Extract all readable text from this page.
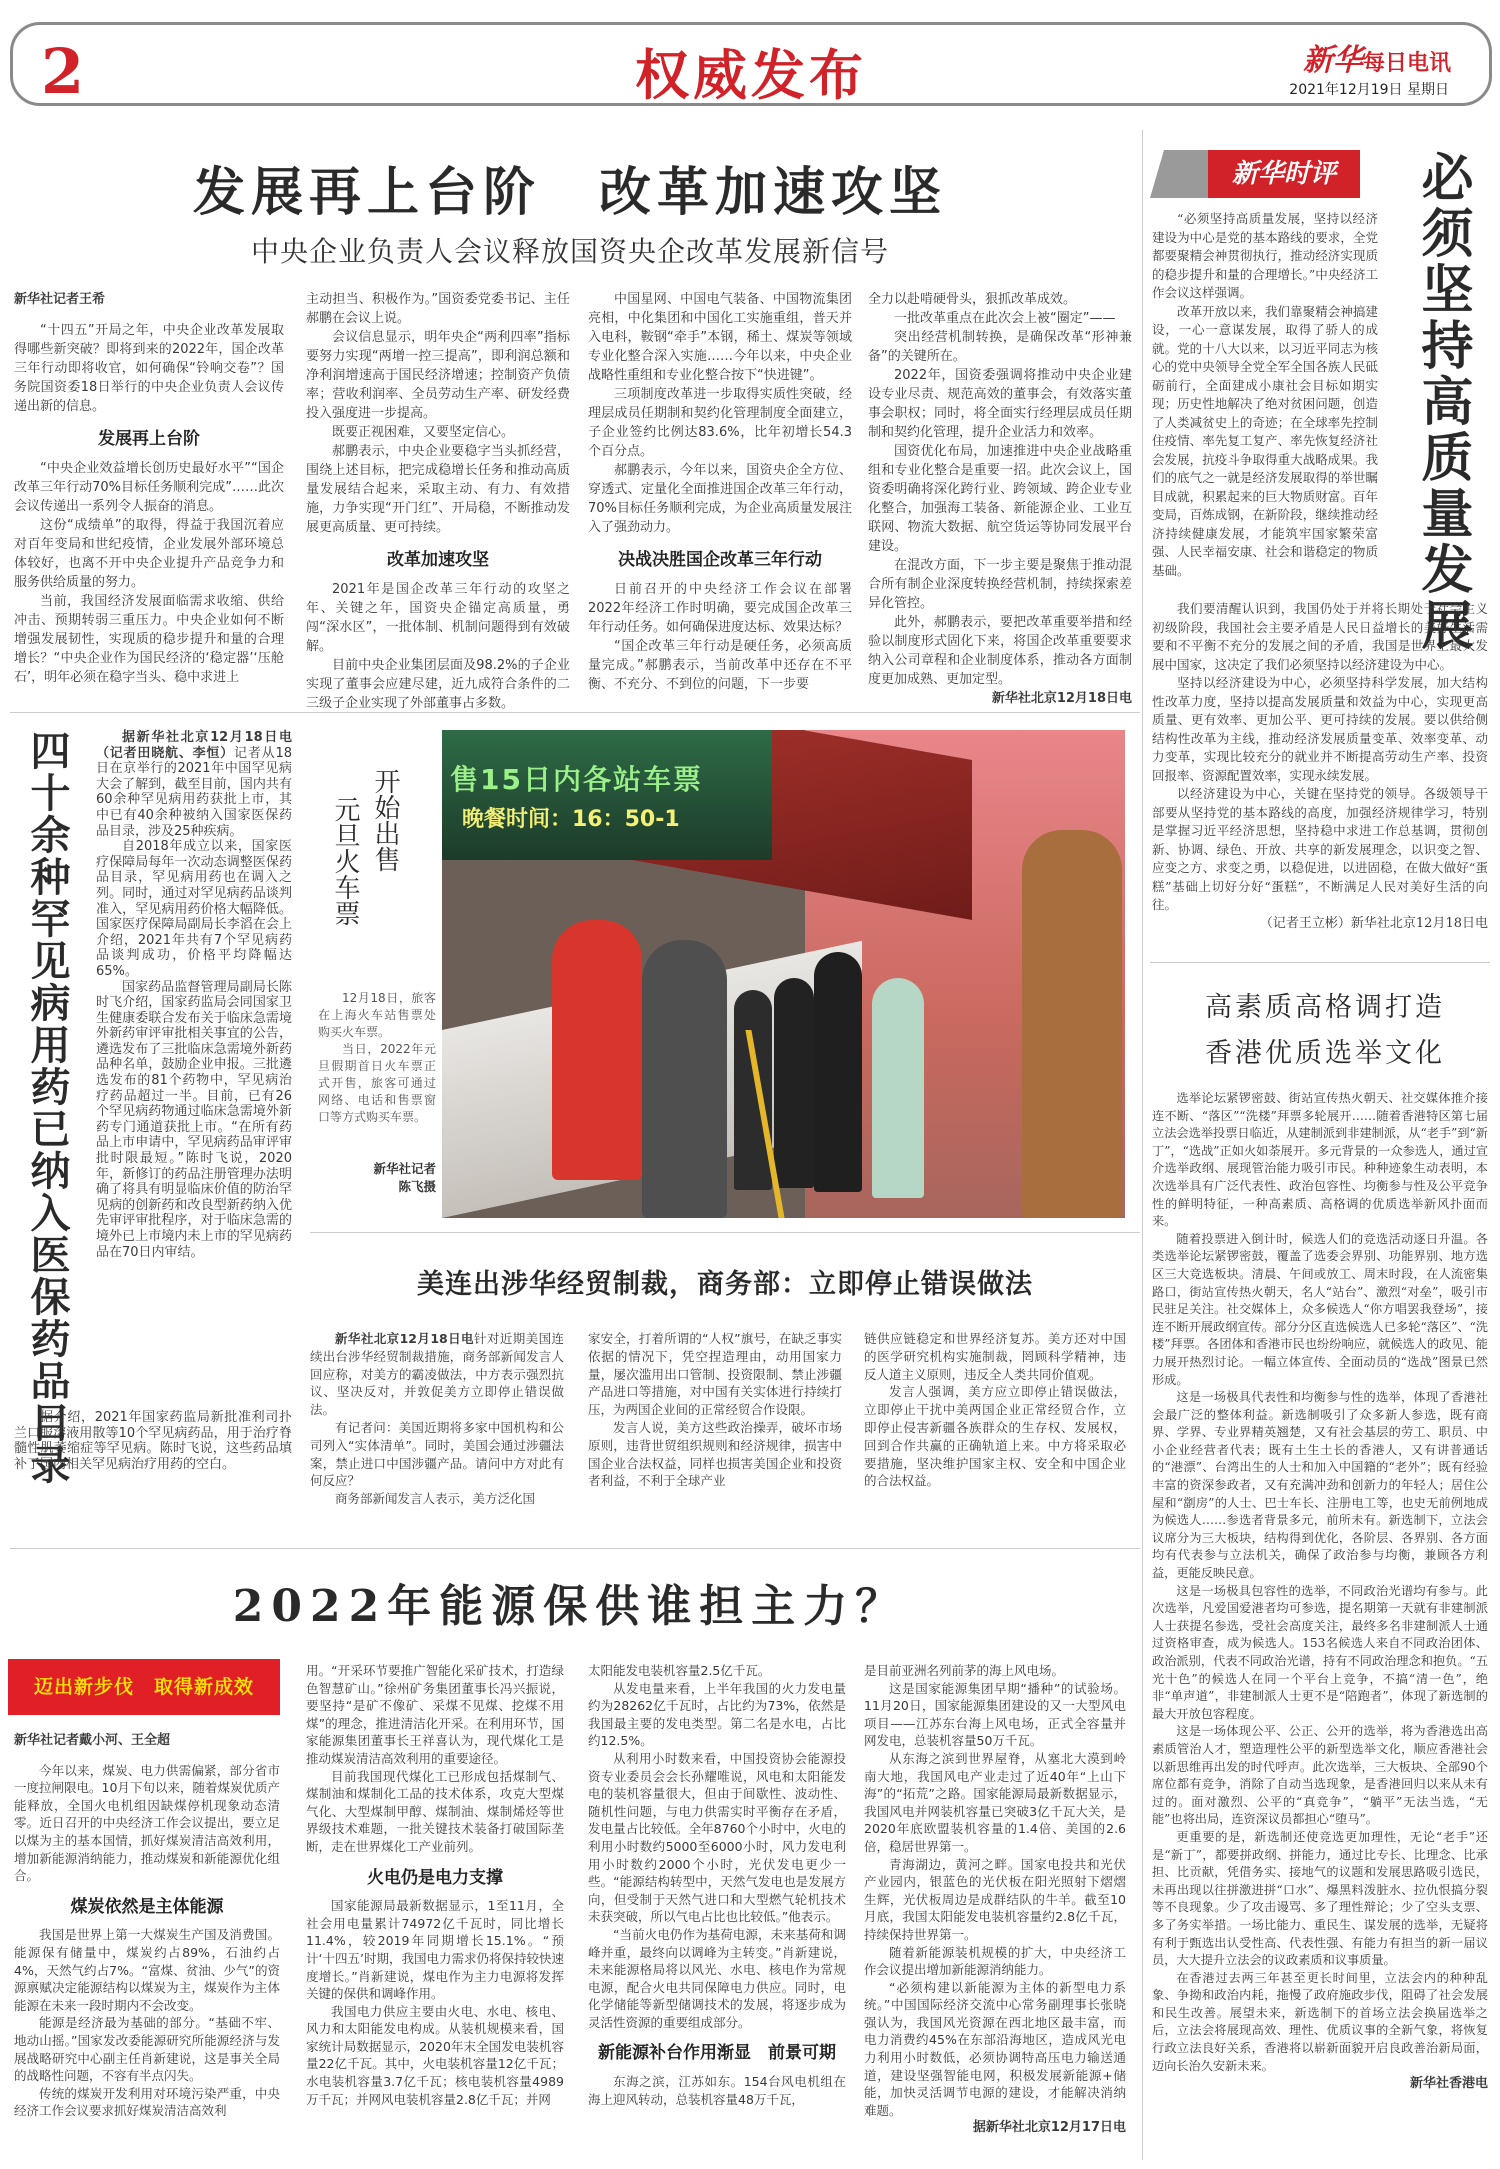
2	权威发布	新华每日电讯
2021年12月19日 星期日
发展再上台阶　改革加速攻坚
中央企业负责人会议释放国资央企改革发展新信号

新华社记者王希

“十四五”开局之年，中央企业改革发展取得哪些新突破？即将到来的2022年，国企改革三年行动即将收官，如何确保“铃响交卷”？国务院国资委18日举行的中央企业负责人会议传递出新的信息。

发展再上台阶

“中央企业效益增长创历史最好水平”“国企改革三年行动70%目标任务顺利完成”……此次会议传递出一系列令人振奋的消息。

这份“成绩单”的取得，得益于我国沉着应对百年变局和世纪疫情，企业发展外部环境总体较好，也离不开中央企业提升产品竞争力和服务供给质量的努力。

当前，我国经济发展面临需求收缩、供给冲击、预期转弱三重压力。中央企业如何不断增强发展韧性，实现质的稳步提升和量的合理增长？“中央企业作为国民经济的‘稳定器’‘压舱石’，明年必须在稳字当头、稳中求进上

主动担当、积极作为。”国资委党委书记、主任郝鹏在会议上说。

会议信息显示，明年央企“两利四率”指标要努力实现“两增一控三提高”，即利润总额和净利润增速高于国民经济增速；控制资产负债率；营收利润率、全员劳动生产率、研发经费投入强度进一步提高。

既要正视困难，又要坚定信心。

郝鹏表示，中央企业要稳字当头抓经营，围绕上述目标，把完成稳增长任务和推动高质量发展结合起来，采取主动、有力、有效措施，力争实现“开门红”、开局稳，不断推动发展更高质量、更可持续。

改革加速攻坚

2021年是国企改革三年行动的攻坚之年、关键之年，国资央企锚定高质量，勇闯“深水区”，一批体制、机制问题得到有效破解。

目前中央企业集团层面及98.2%的子企业实现了董事会应建尽建，近九成符合条件的二三级子企业实现了外部董事占多数。

中国星网、中国电气装备、中国物流集团亮相，中化集团和中国化工实施重组，普天并入电科，鞍钢“牵手”本钢，稀土、煤炭等领域专业化整合深入实施……今年以来，中央企业战略性重组和专业化整合按下“快进键”。

三项制度改革进一步取得实质性突破，经理层成员任期制和契约化管理制度全面建立，子企业签约比例达83.6%，比年初增长54.3个百分点。

郝鹏表示，今年以来，国资央企全方位、穿透式、定量化全面推进国企改革三年行动，70%目标任务顺利完成，为企业高质量发展注入了强劲动力。

决战决胜国企改革三年行动

日前召开的中央经济工作会议在部署2022年经济工作时明确，要完成国企改革三年行动任务。如何确保进度达标、效果达标？

“国企改革三年行动是硬任务，必须高质量完成。”郝鹏表示，当前改革中还存在不平衡、不充分、不到位的问题，下一步要

全力以赴啃硬骨头，狠抓改革成效。

一批改革重点在此次会上被“圈定”——

突出经营机制转换，是确保改革“形神兼备”的关键所在。

2022年，国资委强调将推动中央企业建设专业尽责、规范高效的董事会，有效落实董事会职权；同时，将全面实行经理层成员任期制和契约化管理，提升企业活力和效率。

国资优化布局，加速推进中央企业战略重组和专业化整合是重要一招。此次会议上，国资委明确将深化跨行业、跨领域、跨企业专业化整合，加强海工装备、新能源企业、工业互联网、物流大数据、航空货运等协同发展平台建设。

在混改方面，下一步主要是聚焦于推动混合所有制企业深度转换经营机制，持续探索差异化管控。

此外，郝鹏表示，要把改革重要举措和经验以制度形式固化下来，将国企改革重要要求纳入公司章程和企业制度体系，推动各方面制度更加成熟、更加定型。

新华社北京12月18日电
新华时评	必须坚持高质量发展

“必须坚持高质量发展，坚持以经济建设为中心是党的基本路线的要求，全党都要聚精会神贯彻执行，推动经济实现质的稳步提升和量的合理增长。”中央经济工作会议这样强调。

改革开放以来，我们靠聚精会神搞建设，一心一意谋发展，取得了骄人的成就。党的十八大以来，以习近平同志为核心的党中央领导全党全军全国各族人民砥砺前行，全面建成小康社会目标如期实现；历史性地解决了绝对贫困问题，创造了人类减贫史上的奇迹；在全球率先控制住疫情、率先复工复产、率先恢复经济社会发展，抗疫斗争取得重大战略成果。我们的底气之一就是经济发展取得的举世瞩目成就，积累起来的巨大物质财富。百年变局，百炼成钢，在新阶段，继续推动经济持续健康发展，才能筑牢国家繁荣富强、人民幸福安康、社会和谐稳定的物质基础。

我们要清醒认识到，我国仍处于并将长期处于社会主义初级阶段，我国社会主要矛盾是人民日益增长的美好生活需要和不平衡不充分的发展之间的矛盾，我国是世界上最大发展中国家，这决定了我们必须坚持以经济建设为中心。

坚持以经济建设为中心，必须坚持科学发展，加大结构性改革力度，坚持以提高发展质量和效益为中心，实现更高质量、更有效率、更加公平、更可持续的发展。要以供给侧结构性改革为主线，推动经济发展质量变革、效率变革、动力变革，实现比较充分的就业并不断提高劳动生产率、投资回报率、资源配置效率，实现永续发展。

以经济建设为中心，关键在坚持党的领导。各级领导干部要从坚持党的基本路线的高度，加强经济规律学习，特别是掌握习近平经济思想，坚持稳中求进工作总基调，贯彻创新、协调、绿色、开放、共享的新发展理念，以识变之智、应变之方、求变之勇，以稳促进，以进固稳，在做大做好“蛋糕”基础上切好分好“蛋糕”，不断满足人民对美好生活的向往。

（记者王立彬）新华社北京12月18日电
高素质高格调打造
香港优质选举文化

选举论坛紧锣密鼓、街站宣传热火朝天、社交媒体推介接连不断、“落区”“洗楼”拜票多轮展开……随着香港特区第七届立法会选举投票日临近，从建制派到非建制派，从“老手”到“新丁”，“选战”正如火如荼展开。多元背景的一众参选人，通过宣介选举政纲、展现管治能力吸引市民。种种迹象生动表明，本次选举具有广泛代表性、政治包容性、均衡参与性及公平竞争性的鲜明特征，一种高素质、高格调的优质选举新风扑面而来。

随着投票进入倒计时，候选人们的竞选活动逐日升温。各类选举论坛紧锣密鼓，覆盖了选委会界别、功能界别、地方选区三大竞选板块。清晨、午间或放工、周末时段，在人流密集路口，街站宣传热火朝天，名人“站台”、激烈“对垒”，吸引市民驻足关注。社交媒体上，众多候选人“你方唱罢我登场”，接连不断开展政纲宣传。部分分区直选候选人已多轮“落区”、“洗楼”拜票。各团体和香港市民也纷纷响应，就候选人的政见、能力展开热烈讨论。一幅立体宣传、全面动员的“选战”图景已然形成。

这是一场极具代表性和均衡参与性的选举，体现了香港社会最广泛的整体利益。新选制吸引了众多新人参选，既有商界、学界、专业界精英翘楚，又有社会基层的劳工、职员、中小企业经营者代表；既有土生土长的香港人，又有讲普通话的“港漂”、台湾出生的人士和加入中国籍的“老外”；既有经验丰富的资深参政者，又有充满冲劲和创新力的年轻人；居住公屋和“劏房”的人士、巴士车长、注册电工等，也史无前例地成为候选人……参选者背景多元，前所未有。新选制下，立法会议席分为三大板块，结构得到优化，各阶层、各界别、各方面均有代表参与立法机关，确保了政治参与均衡，兼顾各方利益，更能反映民意。

这是一场极具包容性的选举，不同政治光谱均有参与。此次选举，凡爱国爱港者均可参选，提名期第一天就有非建制派人士获提名参选，受社会高度关注，最终多名非建制派人士通过资格审查，成为候选人。153名候选人来自不同政治团体、政治派别，代表不同政治光谱，持有不同政治理念和抱负。“五光十色”的候选人在同一个平台上竞争，不搞“清一色”，绝非“单声道”，非建制派人士更不是“陪跑者”，体现了新选制的最大开放包容程度。

这是一场体现公平、公正、公开的选举，将为香港选出高素质管治人才，塑造理性公平的新型选举文化，顺应香港社会以新思维再出发的时代呼声。此次选举，三大板块、全部90个席位都有竞争，消除了自动当选现象，是香港回归以来从未有过的。面对激烈、公平的“真竞争”，“躺平”无法当选，“无能”也将出局，连资深议员都担心“堕马”。

更重要的是，新选制还使竞选更加理性，无论“老手”还是“新丁”，都要拼政纲、拼能力，通过比专长、比理念、比承担、比贡献，凭借务实、接地气的议题和发展思路吸引选民，未再出现以往拼激进拼“口水”、爆黑料泼脏水、拉仇恨搞分裂等不良现象。少了攻击谩骂、多了理性辩论；少了空头支票、多了务实举措。一场比能力、重民生、谋发展的选举，无疑将有利于甄选出认受性高、代表性强、有能力有担当的新一届议员，大大提升立法会的议政素质和议事质量。

在香港过去两三年甚至更长时间里，立法会内的种种乱象、争拗和政治内耗，拖慢了政府施政步伐，阻碍了社会发展和民生改善。展望未来，新选制下的首场立法会换届选举之后，立法会将展现高效、理性、优质议事的全新气象，将恢复行政立法良好关系，香港将以崭新面貌开启良政善治新局面，迈向长治久安新未来。

新华社香港电
四十余种罕见病用药已纳入医保药品目录	据新华社北京12月18日电（记者田晓航、李恒）记者从18日在京举行的2021年中国罕见病大会了解到，截至目前，国内共有60余种罕见病用药获批上市，其中已有40余种被纳入国家医保药品目录，涉及25种疾病。

自2018年成立以来，国家医疗保障局每年一次动态调整医保药品目录，罕见病用药也在调入之列。同时，通过对罕见病药品谈判准入，罕见病用药价格大幅降低。国家医疗保障局副局长李滔在会上介绍，2021年共有7个罕见病药品谈判成功，价格平均降幅达65%。

国家药品监督管理局副局长陈时飞介绍，国家药监局会同国家卫生健康委联合发布关于临床急需境外新药审评审批相关事宜的公告，遴选发布了三批临床急需境外新药品种名单，鼓励企业申报。三批遴选发布的81个药物中，罕见病治疗药品超过一半。目前，已有26个罕见病药物通过临床急需境外新药专门通道获批上市。“在所有药品上市申请中，罕见病药品审评审批时限最短。”陈时飞说，2020年，新修订的药品注册管理办法明确了将具有明显临床价值的防治罕见病的创新药和改良型新药纳入优先审评审批程序，对于临床急需的境外已上市境内未上市的罕见病药品在70日内审结。

据介绍，2021年国家药监局新批准利司扑兰口服溶液用散等10个罕见病药品，用于治疗脊髓性肌萎缩症等罕见病。陈时飞说，这些药品填补了国内相关罕见病治疗用药的空白。

开始出售
元旦火车票

12月18日，旅客在上海火车站售票处购买火车票。

当日，2022年元旦假期首日火车票正式开售，旅客可通过网络、电话和售票窗口等方式购买车票。

新华社记者
陈飞摄
售15日内各站车票
晚餐时间：16：50-1
美连出涉华经贸制裁，商务部：立即停止错误做法

新华社北京12月18日电针对近期美国连续出台涉华经贸制裁措施，商务部新闻发言人回应称，对美方的霸凌做法，中方表示强烈抗议、坚决反对，并敦促美方立即停止错误做法。

有记者问：美国近期将多家中国机构和公司列入“实体清单”。同时，美国会通过涉疆法案，禁止进口中国涉疆产品。请问中方对此有何反应？

商务部新闻发言人表示，美方泛化国

家安全，打着所谓的“人权”旗号，在缺乏事实依据的情况下，凭空捏造理由，动用国家力量，屡次滥用出口管制、投资限制、禁止涉疆产品进口等措施，对中国有关实体进行持续打压，为两国企业间的正常经贸合作设限。

发言人说，美方这些政治操弄，破坏市场原则，违背世贸组织规则和经济规律，损害中国企业合法权益，同样也损害美国企业和投资者利益，不利于全球产业

链供应链稳定和世界经济复苏。美方还对中国的医学研究机构实施制裁，罔顾科学精神，违反人道主义原则，违反全人类共同价值观。

发言人强调，美方应立即停止错误做法，立即停止干扰中美两国企业正常经贸合作，立即停止侵害新疆各族群众的生存权、发展权，回到合作共赢的正确轨道上来。中方将采取必要措施，坚决维护国家主权、安全和中国企业的合法权益。

2022年能源保供谁担主力？
迈出新步伐　取得新成效

新华社记者戴小河、王全超

今年以来，煤炭、电力供需偏紧，部分省市一度拉闸限电。10月下旬以来，随着煤炭优质产能释放，全国火电机组因缺煤停机现象动态清零。近日召开的中央经济工作会议提出，要立足以煤为主的基本国情，抓好煤炭清洁高效利用，增加新能源消纳能力，推动煤炭和新能源优化组合。

煤炭依然是主体能源

我国是世界上第一大煤炭生产国及消费国。能源保有储量中，煤炭约占89%，石油约占4%，天然气约占7%。“富煤、贫油、少气”的资源禀赋决定能源结构以煤炭为主，煤炭作为主体能源在未来一段时期内不会改变。

能源是经济最为基础的部分。“基础不牢、地动山摇。”国家发改委能源研究所能源经济与发展战略研究中心副主任肖新建说，这是事关全局的战略性问题，不容有半点闪失。

传统的煤炭开发利用对环境污染严重，中央经济工作会议要求抓好煤炭清洁高效利

用。“开采环节要推广智能化采矿技术，打造绿色智慧矿山。”徐州矿务集团董事长冯兴振说，要坚持“是矿不像矿、采煤不见煤、挖煤不用煤”的理念，推进清洁化开采。在利用环节，国家能源集团董事长王祥喜认为，现代煤化工是推动煤炭清洁高效利用的重要途径。

目前我国现代煤化工已形成包括煤制气、煤制油和煤制化工品的技术体系，攻克大型煤气化、大型煤制甲醇、煤制油、煤制烯烃等世界级技术难题，一批关键技术装备打破国际垄断，走在世界煤化工产业前列。

火电仍是电力支撑

国家能源局最新数据显示，1至11月，全社会用电量累计74972亿千瓦时，同比增长11.4%，较2019年同期增长15.1%。“预计‘十四五’时期，我国电力需求仍将保持较快速度增长。”肖新建说，煤电作为主力电源将发挥关键的保供和调峰作用。

我国电力供应主要由火电、水电、核电、风力和太阳能发电构成。从装机规模来看，国家统计局数据显示，2020年末全国发电装机容量22亿千瓦。其中，火电装机容量12亿千瓦；水电装机容量3.7亿千瓦；核电装机容量4989万千瓦；并网风电装机容量2.8亿千瓦；并网

太阳能发电装机容量2.5亿千瓦。

从发电量来看，上半年我国的火力发电量约为28262亿千瓦时，占比约为73%，依然是我国最主要的发电类型。第二名是水电，占比约12.5%。

从利用小时数来看，中国投资协会能源投资专业委员会会长孙耀唯说，风电和太阳能发电的装机容量很大，但由于间歇性、波动性、随机性问题，与电力供需实时平衡存在矛盾，发电量占比较低。全年8760个小时中，火电的利用小时数约5000至6000小时，风力发电利用小时数约2000个小时，光伏发电更少一些。“能源结构转型中，天然气发电也是发展方向，但受制于天然气进口和大型燃气轮机技术未获突破，所以气电占比也比较低。”他表示。

“当前火电仍作为基荷电源，未来基荷和调峰并重，最终向以调峰为主转变。”肖新建说，未来能源格局将以风光、水电、核电作为常规电源，配合火电共同保障电力供应。同时，电化学储能等新型储调技术的发展，将逐步成为灵活性资源的重要组成部分。

新能源补台作用渐显　前景可期

东海之滨，江苏如东。154台风电机组在海上迎风转动，总装机容量48万千瓦，

是目前亚洲名列前茅的海上风电场。

这是国家能源集团早期“播种”的试验场。11月20日，国家能源集团建设的又一大型风电项目——江苏东台海上风电场，正式全容量并网发电，总装机容量50万千瓦。

从东海之滨到世界屋脊，从塞北大漠到岭南大地，我国风电产业走过了近40年“上山下海”的“拓荒”之路。国家能源局最新数据显示，我国风电并网装机容量已突破3亿千瓦大关，是2020年底欧盟装机容量的1.4倍、美国的2.6倍，稳居世界第一。

青海湖边，黄河之畔。国家电投共和光伏产业园内，银蓝色的光伏板在阳光照射下熠熠生辉，光伏板周边是成群结队的牛羊。截至10月底，我国太阳能发电装机容量约2.8亿千瓦，持续保持世界第一。

随着新能源装机规模的扩大，中央经济工作会议提出增加新能源消纳能力。

“必须构建以新能源为主体的新型电力系统。”中国国际经济交流中心常务副理事长张晓强认为，我国风光资源在西北地区最丰富，而电力消费约45%在东部沿海地区，造成风光电力利用小时数低，必须协调特高压电力输送通道，建设坚强智能电网，积极发展新能源+储能，加快灵活调节电源的建设，才能解决消纳难题。

据新华社北京12月17日电
